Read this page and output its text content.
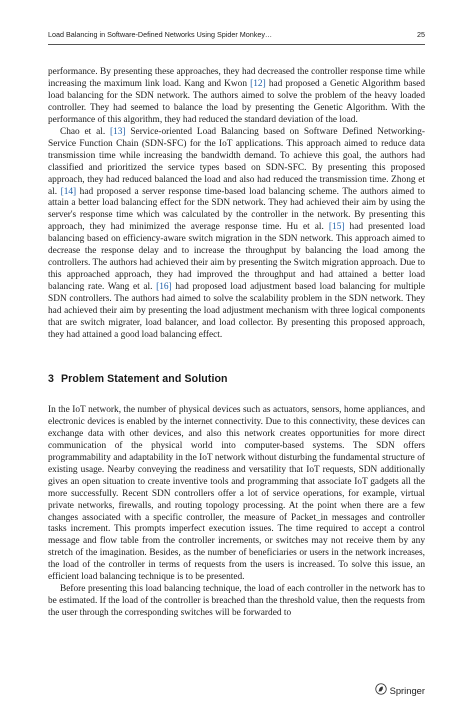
Load Balancing in Software-Defined Networks Using Spider Monkey…	25

performance. By presenting these approaches, they had decreased the controller response time while increasing the maximum link load. Kang and Kwon [12] had proposed a Genetic Algorithm based load balancing for the SDN network. The authors aimed to solve the problem of the heavy loaded controller. They had seemed to balance the load by presenting the Genetic Algorithm. With the performance of this algorithm, they had reduced the standard deviation of the load.

Chao et al. [13] Service-oriented Load Balancing based on Software Defined Networking-Service Function Chain (SDN-SFC) for the IoT applications. This approach aimed to reduce data transmission time while increasing the bandwidth demand. To achieve this goal, the authors had classified and prioritized the service types based on SDN-SFC. By presenting this proposed approach, they had reduced balanced the load and also had reduced the transmission time. Zhong et al. [14] had proposed a server response time-based load balancing scheme. The authors aimed to attain a better load balancing effect for the SDN network. They had achieved their aim by using the server's response time which was calculated by the controller in the network. By presenting this approach, they had minimized the average response time. Hu et al. [15] had presented load balancing based on efficiency-aware switch migration in the SDN network. This approach aimed to decrease the response delay and to increase the throughput by balancing the load among the controllers. The authors had achieved their aim by presenting the Switch migration approach. Due to this approached approach, they had improved the throughput and had attained a better load balancing rate. Wang et al. [16] had proposed load adjustment based load balancing for multiple SDN controllers. The authors had aimed to solve the scalability problem in the SDN network. They had achieved their aim by presenting the load adjustment mechanism with three logical components that are switch migrater, load balancer, and load collector. By presenting this proposed approach, they had attained a good load balancing effect.

3 Problem Statement and Solution

In the IoT network, the number of physical devices such as actuators, sensors, home appliances, and electronic devices is enabled by the internet connectivity. Due to this connectivity, these devices can exchange data with other devices, and also this network creates opportunities for more direct communication of the physical world into computer-based systems. The SDN offers programmability and adaptability in the IoT network without disturbing the fundamental structure of existing usage. Nearby conveying the readiness and versatility that IoT requests, SDN additionally gives an open situation to create inventive tools and programming that associate IoT gadgets all the more successfully. Recent SDN controllers offer a lot of service operations, for example, virtual private networks, firewalls, and routing topology processing. At the point when there are a few changes associated with a specific controller, the measure of Packet_in messages and controller tasks increment. This prompts imperfect execution issues. The time required to accept a control message and flow table from the controller increments, or switches may not receive them by any stretch of the imagination. Besides, as the number of beneficiaries or users in the network increases, the load of the controller in terms of requests from the users is increased. To solve this issue, an efficient load balancing technique is to be presented.

Before presenting this load balancing technique, the load of each controller in the network has to be estimated. If the load of the controller is breached than the threshold value, then the requests from the user through the corresponding switches will be forwarded to

Springer
